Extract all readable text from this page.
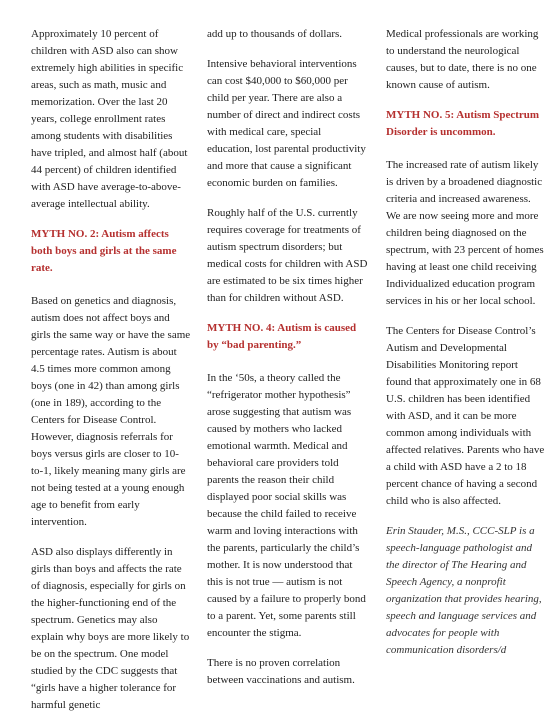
Approximately 10 percent of children with ASD also can show extremely high abilities in specific areas, such as math, music and memorization. Over the last 20 years, college enrollment rates among students with disabilities have tripled, and almost half (about 44 percent) of children identified with ASD have average-to-above-average intellectual ability.

MYTH NO. 2: Autism affects both boys and girls at the same rate.

Based on genetics and diagnosis, autism does not affect boys and girls the same way or have the same percentage rates. Autism is about 4.5 times more common among boys (one in 42) than among girls (one in 189), according to the Centers for Disease Control. However, diagnosis referrals for boys versus girls are closer to 10-to-1, likely meaning many girls are not being tested at a young enough age to benefit from early intervention.

ASD also displays differently in girls than boys and affects the rate of diagnosis, especially for girls on the higher-functioning end of the spectrum. Genetics may also explain why boys are more likely to be on the spectrum. One model studied by the CDC suggests that “girls have a higher tolerance for harmful genetic

add up to thousands of dollars.

Intensive behavioral interventions can cost $40,000 to $60,000 per child per year. There are also a number of direct and indirect costs with medical care, special education, lost parental productivity and more that cause a significant economic burden on families.

Roughly half of the U.S. currently requires coverage for treatments of autism spectrum disorders; but medical costs for children with ASD are estimated to be six times higher than for children without ASD.

MYTH NO. 4: Autism is caused by “bad parenting.”

In the ‘50s, a theory called the “refrigerator mother hypothesis” arose suggesting that autism was caused by mothers who lacked emotional warmth. Medical and behavioral care providers told parents the reason their child displayed poor social skills was because the child failed to receive warm and loving interactions with the parents, particularly the child’s mother. It is now understood that this is not true — autism is not caused by a failure to properly bond to a parent. Yet, some parents still encounter the stigma.

There is no proven correlation between vaccinations and autism.

Medical professionals are working to understand the neurological causes, but to date, there is no one known cause of autism.

MYTH NO. 5: Autism Spectrum Disorder is uncommon.

The increased rate of autism likely is driven by a broadened diagnostic criteria and increased awareness. We are now seeing more and more children being diagnosed on the spectrum, with 23 percent of homes having at least one child receiving Individualized education program services in his or her local school.

The Centers for Disease Control’s Autism and Developmental Disabilities Monitoring report found that approximately one in 68 U.S. children has been identified with ASD, and it can be more common among individuals with affected relatives. Parents who have a child with ASD have a 2 to 18 percent chance of having a second child who is also affected.

Erin Stauder, M.S., CCC-SLP is a speech-language pathologist and the director of The Hearing and Speech Agency, a nonprofit organization that provides hearing, speech and language services and advocates for people with communication disorders/d
